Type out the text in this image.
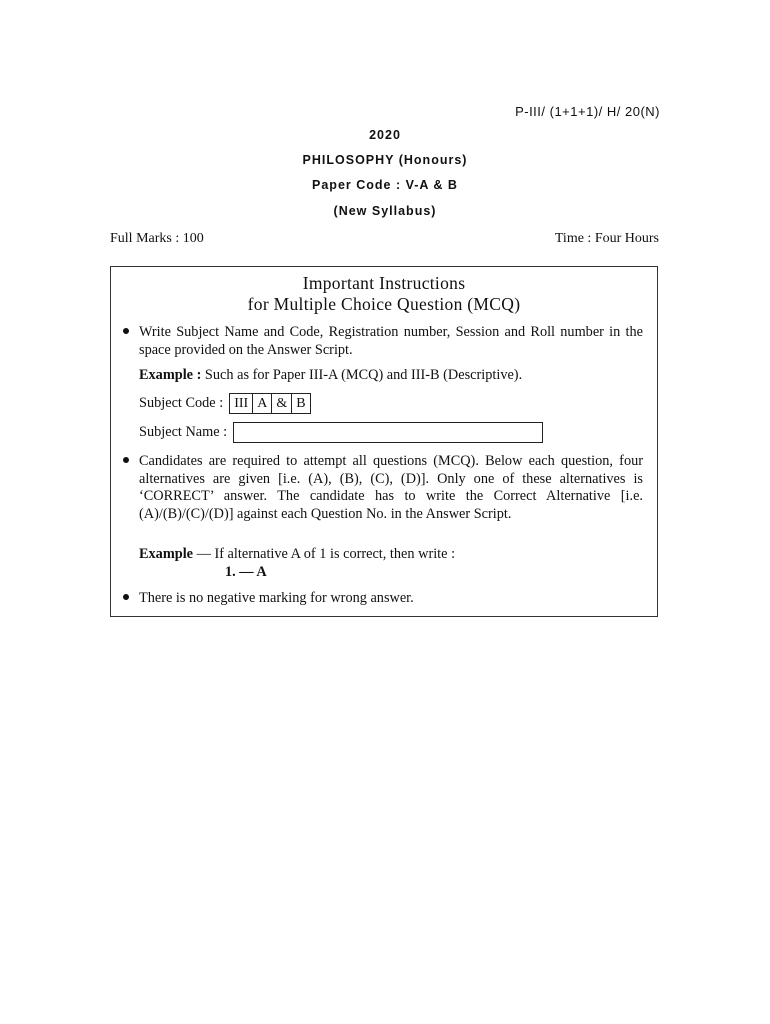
P-III/ (1+1+1)/ H/ 20(N)
2020
PHILOSOPHY (Honours)
Paper Code : V-A & B
(New Syllabus)
Full Marks : 100	Time : Four Hours
Important Instructions
for Multiple Choice Question (MCQ)
Write Subject Name and Code, Registration number, Session and Roll number in the space provided on the Answer Script.
Example : Such as for Paper III-A (MCQ) and III-B (Descriptive).
Subject Code : III A & B
Subject Name :
Candidates are required to attempt all questions (MCQ). Below each question, four alternatives are given [i.e. (A), (B), (C), (D)]. Only one of these alternatives is ‘CORRECT’ answer. The candidate has to write the Correct Alternative [i.e. (A)/(B)/(C)/(D)] against each Question No. in the Answer Script.
Example — If alternative A of 1 is correct, then write :
1. — A
There is no negative marking for wrong answer.
